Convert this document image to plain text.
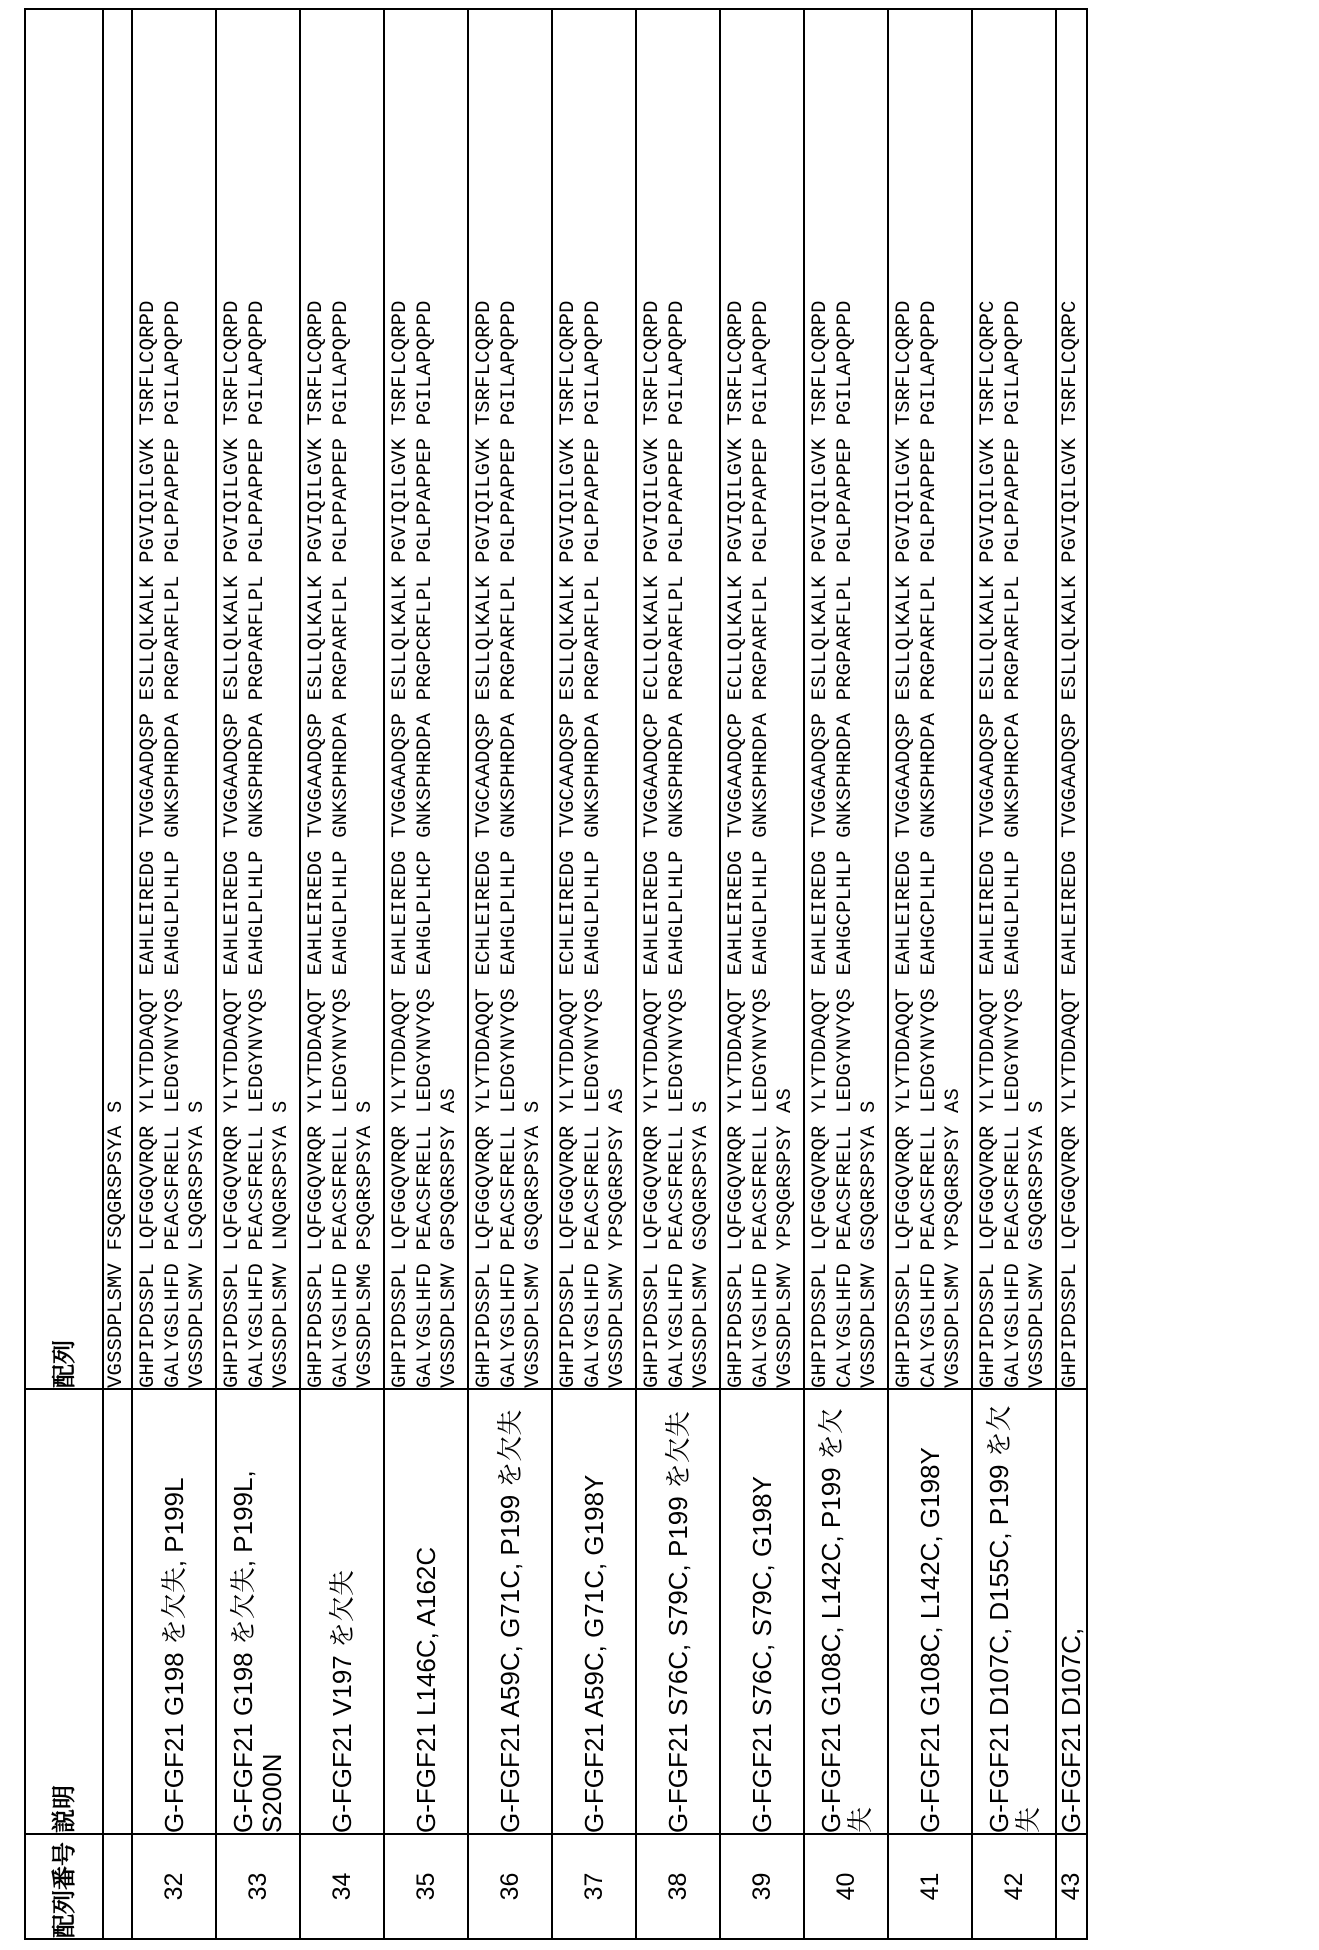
配列番号	説明	配列
		VGSSDPLSMV FSQGRSPSYA S
32	G-FGF21 G198 を欠失, P199L	GHPIPDSSPL LQFGGQVRQR YLYTDDAQQT EAHLEIREDG TVGGAADQSP ESLLQLKALK PGVIQILGVK TSRFLCQRPD GALYGSLHFD PEACSFRELL LEDGYNVYQS EAHGLPLHLP GNKSPHRDPA PRGPARFLPL PGLPPAPPEP PGILAPQPPD VGSSDPLSMV LSQGRSPSYA S

33	G-FGF21 G198 を欠失, P199L, S200N	GHPIPDSSPL LQFGGQVRQR YLYTDDAQQT EAHLEIREDG TVGGAADQSP ESLLQLKALK PGVIQILGVK TSRFLCQRPD GALYGSLHFD PEACSFRELL LEDGYNVYQS EAHGLPLHLP GNKSPHRDPA PRGPARFLPL PGLPPAPPEP PGILAPQPPD VGSSDPLSMV LNQGRSPSYA S

34	G-FGF21 V197 を欠失	GHPIPDSSPL LQFGGQVRQR YLYTDDAQQT EAHLEIREDG TVGGAADQSP ESLLQLKALK PGVIQILGVK TSRFLCQRPD GALYGSLHFD PEACSFRELL LEDGYNVYQS EAHGLPLHLP GNKSPHRDPA PRGPARFLPL PGLPPAPPEP PGILAPQPPD VGSSDPLSMG PSQGRSPSYA S

35	G-FGF21 L146C, A162C	GHPIPDSSPL LQFGGQVRQR YLYTDDAQQT EAHLEIREDG TVGGAADQSP ESLLQLKALK PGVIQILGVK TSRFLCQRPD GALYGSLHFD PEACSFRELL LEDGYNVYQS EAHGLPLHCP GNKSPHRDPA PRGPCRFLPL PGLPPAPPEP PGILAPQPPD VGSSDPLSMV GPSQGRSPSY AS

36	G-FGF21 A59C, G71C, P199 を欠失	GHPIPDSSPL LQFGGQVRQR YLYTDDAQQT ECHLEIREDG TVGCAADQSP ESLLQLKALK PGVIQILGVK TSRFLCQRPD GALYGSLHFD PEACSFRELL LEDGYNVYQS EAHGLPLHLP GNKSPHRDPA PRGPARFLPL PGLPPAPPEP PGILAPQPPD VGSSDPLSMV GSQGRSPSYA S

37	G-FGF21 A59C, G71C, G198Y	GHPIPDSSPL LQFGGQVRQR YLYTDDAQQT ECHLEIREDG TVGCAADQSP ESLLQLKALK PGVIQILGVK TSRFLCQRPD GALYGSLHFD PEACSFRELL LEDGYNVYQS EAHGLPLHLP GNKSPHRDPA PRGPARFLPL PGLPPAPPEP PGILAPQPPD VGSSDPLSMV YPSQGRSPSY AS

38	G-FGF21 S76C, S79C, P199 を欠失	GHPIPDSSPL LQFGGQVRQR YLYTDDAQQT EAHLEIREDG TVGGAADQCP ECLLQLKALK PGVIQILGVK TSRFLCQRPD GALYGSLHFD PEACSFRELL LEDGYNVYQS EAHGLPLHLP GNKSPHRDPA PRGPARFLPL PGLPPAPPEP PGILAPQPPD VGSSDPLSMV GSQGRSPSYA S

39	G-FGF21 S76C, S79C, G198Y	GHPIPDSSPL LQFGGQVRQR YLYTDDAQQT EAHLEIREDG TVGGAADQCP ECLLQLKALK PGVIQILGVK TSRFLCQRPD GALYGSLHFD PEACSFRELL LEDGYNVYQS EAHGLPLHLP GNKSPHRDPA PRGPARFLPL PGLPPAPPEP PGILAPQPPD VGSSDPLSMV YPSQGRSPSY AS

40	G-FGF21 G108C, L142C, P199 を欠失	GHPIPDSSPL LQFGGQVRQR YLYTDDAQQT EAHLEIREDG TVGGAADQSP ESLLQLKALK PGVIQILGVK TSRFLCQRPD CALYGSLHFD PEACSFRELL LEDGYNVYQS EAHGCPLHLP GNKSPHRDPA PRGPARFLPL PGLPPAPPEP PGILAPQPPD VGSSDPLSMV GSQGRSPSYA S

41	G-FGF21 G108C, L142C, G198Y	GHPIPDSSPL LQFGGQVRQR YLYTDDAQQT EAHLEIREDG TVGGAADQSP ESLLQLKALK PGVIQILGVK TSRFLCQRPD CALYGSLHFD PEACSFRELL LEDGYNVYQS EAHGCPLHLP GNKSPHRDPA PRGPARFLPL PGLPPAPPEP PGILAPQPPD VGSSDPLSMV YPSQGRSPSY AS

42	G-FGF21 D107C, D155C, P199 を欠失	GHPIPDSSPL LQFGGQVRQR YLYTDDAQQT EAHLEIREDG TVGGAADQSP ESLLQLKALK PGVIQILGVK TSRFLCQRPC GALYGSLHFD PEACSFRELL LEDGYNVYQS EAHGLPLHLP GNKSPHRCPA PRGPARFLPL PGLPPAPPEP PGILAPQPPD VGSSDPLSMV GSQGRSPSYA S

43	G-FGF21 D107C,	GHPIPDSSPL LQFGGQVRQR YLYTDDAQQT EAHLEIREDG TVGGAADQSP ESLLQLKALK PGVIQILGVK TSRFLCQRPC
